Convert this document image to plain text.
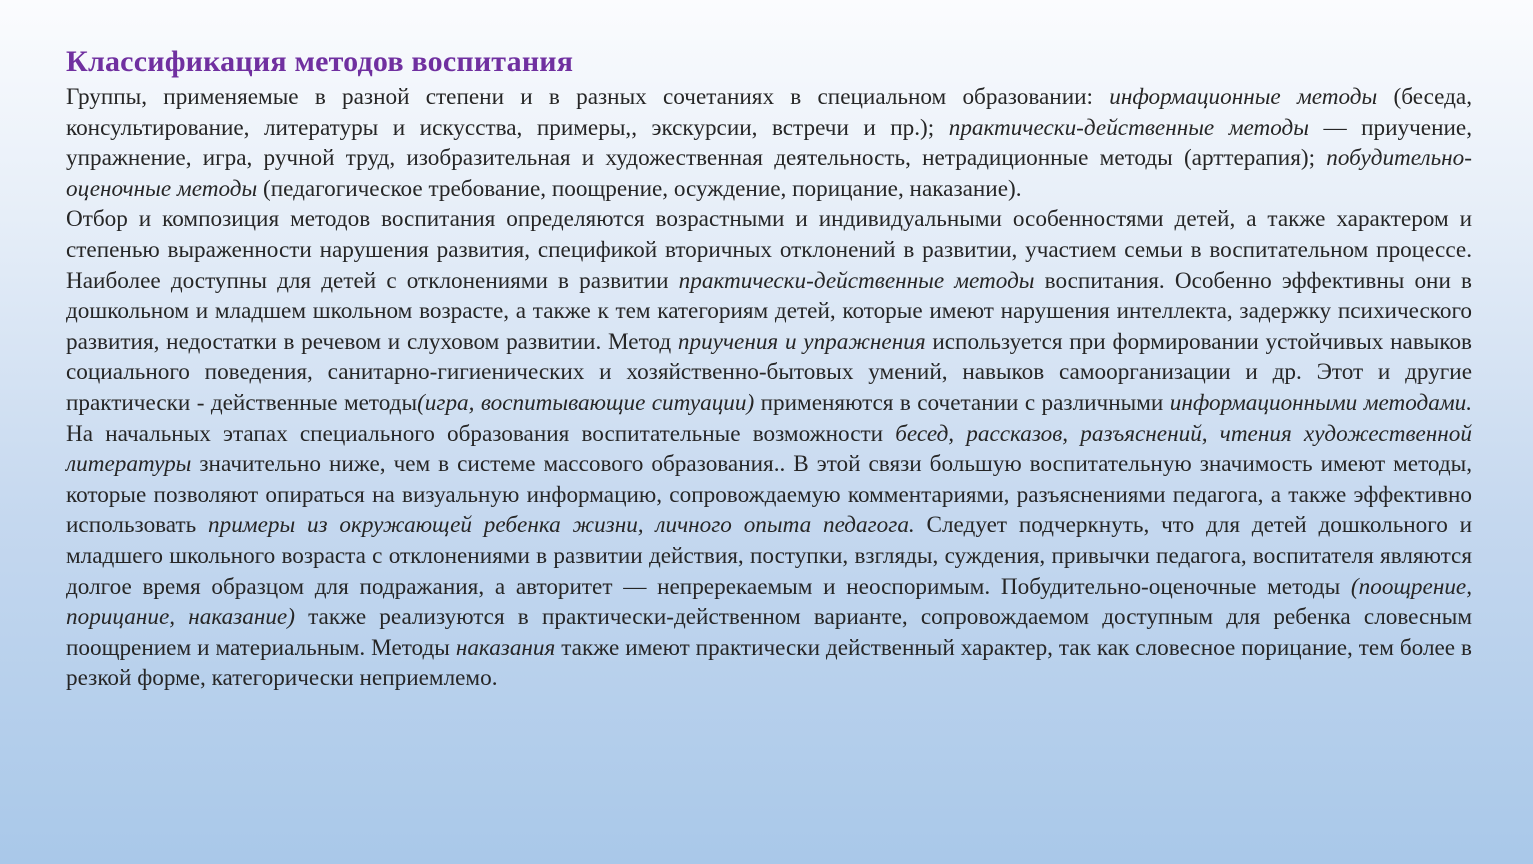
Классификация методов воспитания

Группы, применяемые в разной степени и в разных сочетаниях в специальном образовании: информационные методы (беседа, консультирование, литературы и искусства, примеры,, экскурсии, встречи и пр.); практически-действенные методы — приучение, упражнение, игра, ручной труд, изобразительная и художественная деятельность, нетрадиционные методы (арттерапия); побудительно-оценочные методы (педагогическое требование, поощрение, осуждение, порицание, наказание).

Отбор и композиция методов воспитания определяются возрастными и индивидуальными особенностями детей, а также характером и степенью выраженности нарушения развития, спецификой вторичных отклонений в развитии, участием семьи в воспитательном процессе. Наиболее доступны для детей с отклонениями в развитии практически-действенные методы воспитания. Особенно эффективны они в дошкольном и младшем школьном возрасте, а также к тем категориям детей, которые имеют нарушения интеллекта, задержку психического развития, недостатки в речевом и слуховом развитии. Метод приучения и упражнения используется при формировании устойчивых навыков социального поведения, санитарно-гигиенических и хозяйственно-бытовых умений, навыков самоорганизации и др. Этот и другие практически - действенные методы(игра, воспитывающие ситуации) применяются в сочетании с различными информационными методами. На начальных этапах специального образования воспитательные возможности бесед, рассказов, разъяснений, чтения художественной литературы значительно ниже, чем в системе массового образования.. В этой связи большую воспитательную значимость имеют методы, которые позволяют опираться на визуальную информацию, сопровождаемую комментариями, разъяснениями педагога, а также эффективно использовать примеры из окружающей ребенка жизни, личного опыта педагога. Следует подчеркнуть, что для детей дошкольного и младшего школьного возраста с отклонениями в развитии действия, поступки, взгляды, суждения, привычки педагога, воспитателя являются долгое время образцом для подражания, а авторитет — непререкаемым и неоспоримым. Побудительно-оценочные методы (поощрение, порицание, наказание) также реализуются в практически-действенном варианте, сопровождаемом доступным для ребенка словесным поощрением и материальным. Методы наказания также имеют практически действенный характер, так как словесное порицание, тем более в резкой форме, категорически неприемлемо.
